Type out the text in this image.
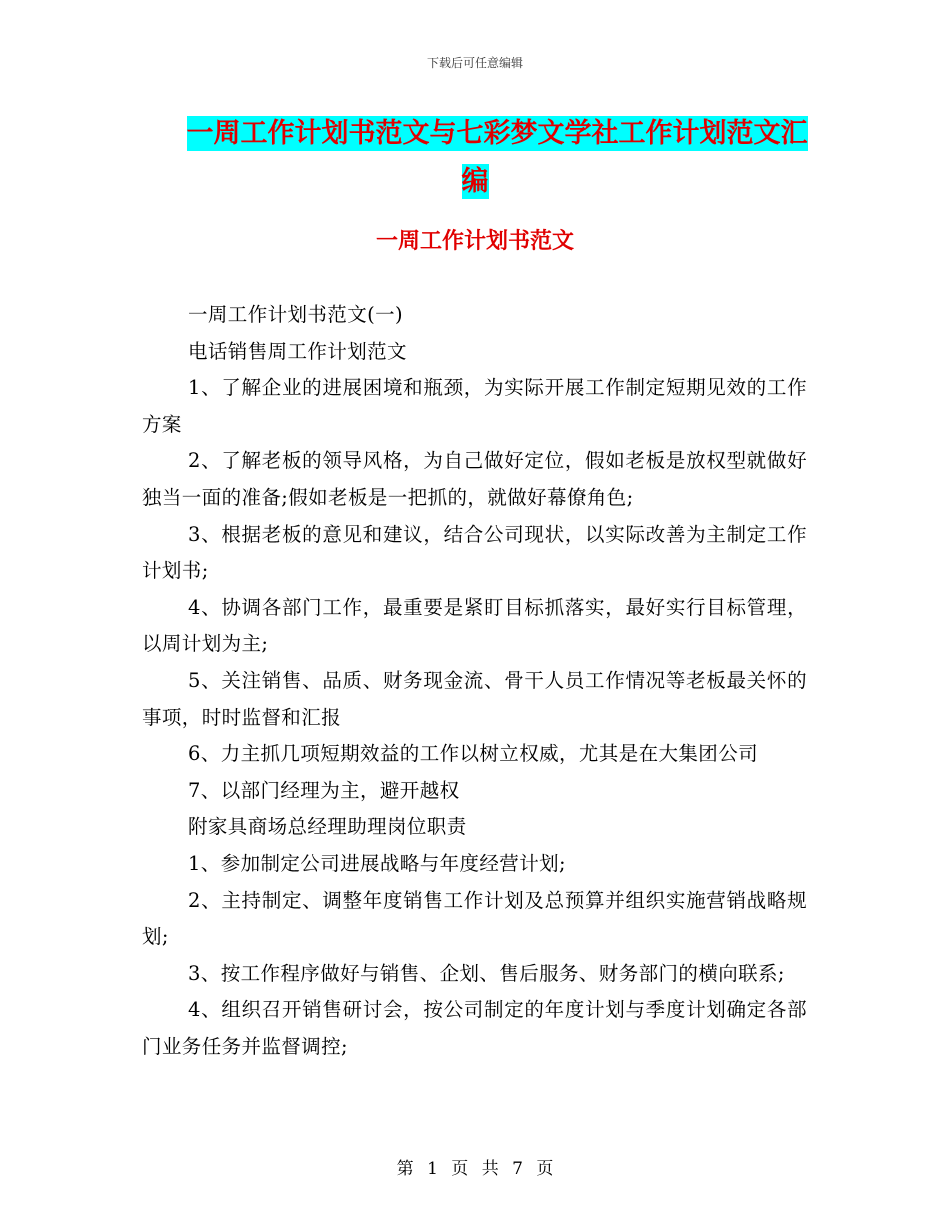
下载后可任意编辑
一周工作计划书范文与七彩梦文学社工作计划范文汇
编
一周工作计划书范文

一周工作计划书范文(一)

电话销售周工作计划范文

1、了解企业的进展困境和瓶颈，为实际开展工作制定短期见效的工作方案

2、了解老板的领导风格，为自己做好定位，假如老板是放权型就做好独当一面的准备;假如老板是一把抓的，就做好幕僚角色;

3、根据老板的意见和建议，结合公司现状，以实际改善为主制定工作计划书;

4、协调各部门工作，最重要是紧盯目标抓落实，最好实行目标管理，以周计划为主;

5、关注销售、品质、财务现金流、骨干人员工作情况等老板最关怀的事项，时时监督和汇报

6、力主抓几项短期效益的工作以树立权威，尤其是在大集团公司

7、以部门经理为主，避开越权

附家具商场总经理助理岗位职责

1、参加制定公司进展战略与年度经营计划;

2、主持制定、调整年度销售工作计划及总预算并组织实施营销战略规划;

3、按工作程序做好与销售、企划、售后服务、财务部门的横向联系;

4、组织召开销售研讨会，按公司制定的年度计划与季度计划确定各部门业务任务并监督调控;

第 1 页 共 7 页
